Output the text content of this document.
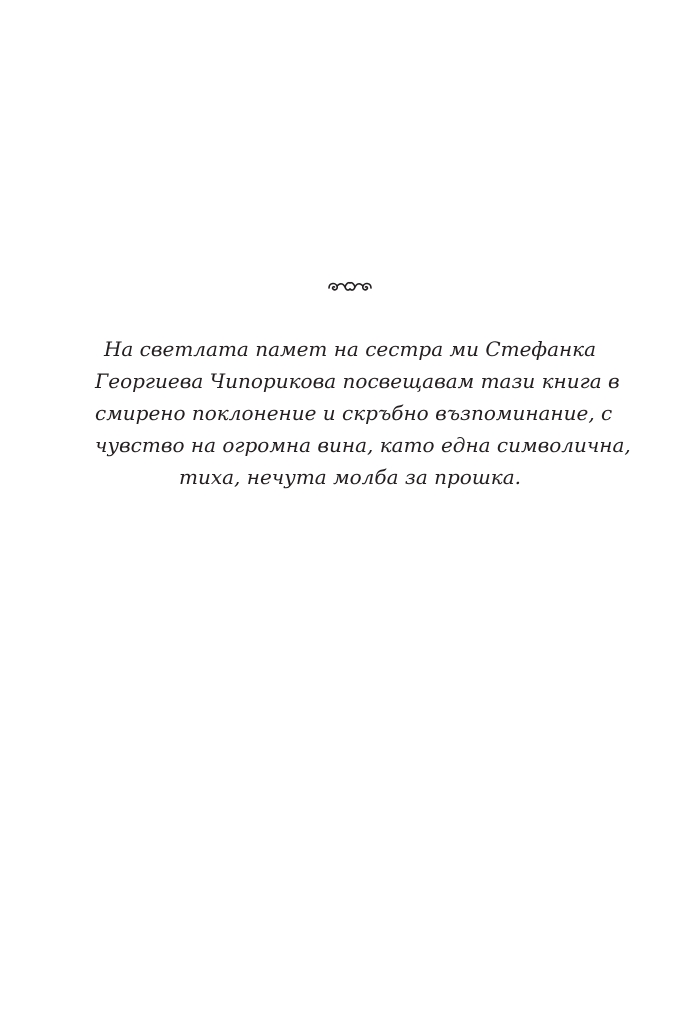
На светлата памет на сестра ми Стефанка
Георгиева Чипорикова посвещавам тази книга в
смирено поклонение и скръбно възпоминание, с
чувство на огромна вина, като една символична,
тиха, нечута молба за прошка.
